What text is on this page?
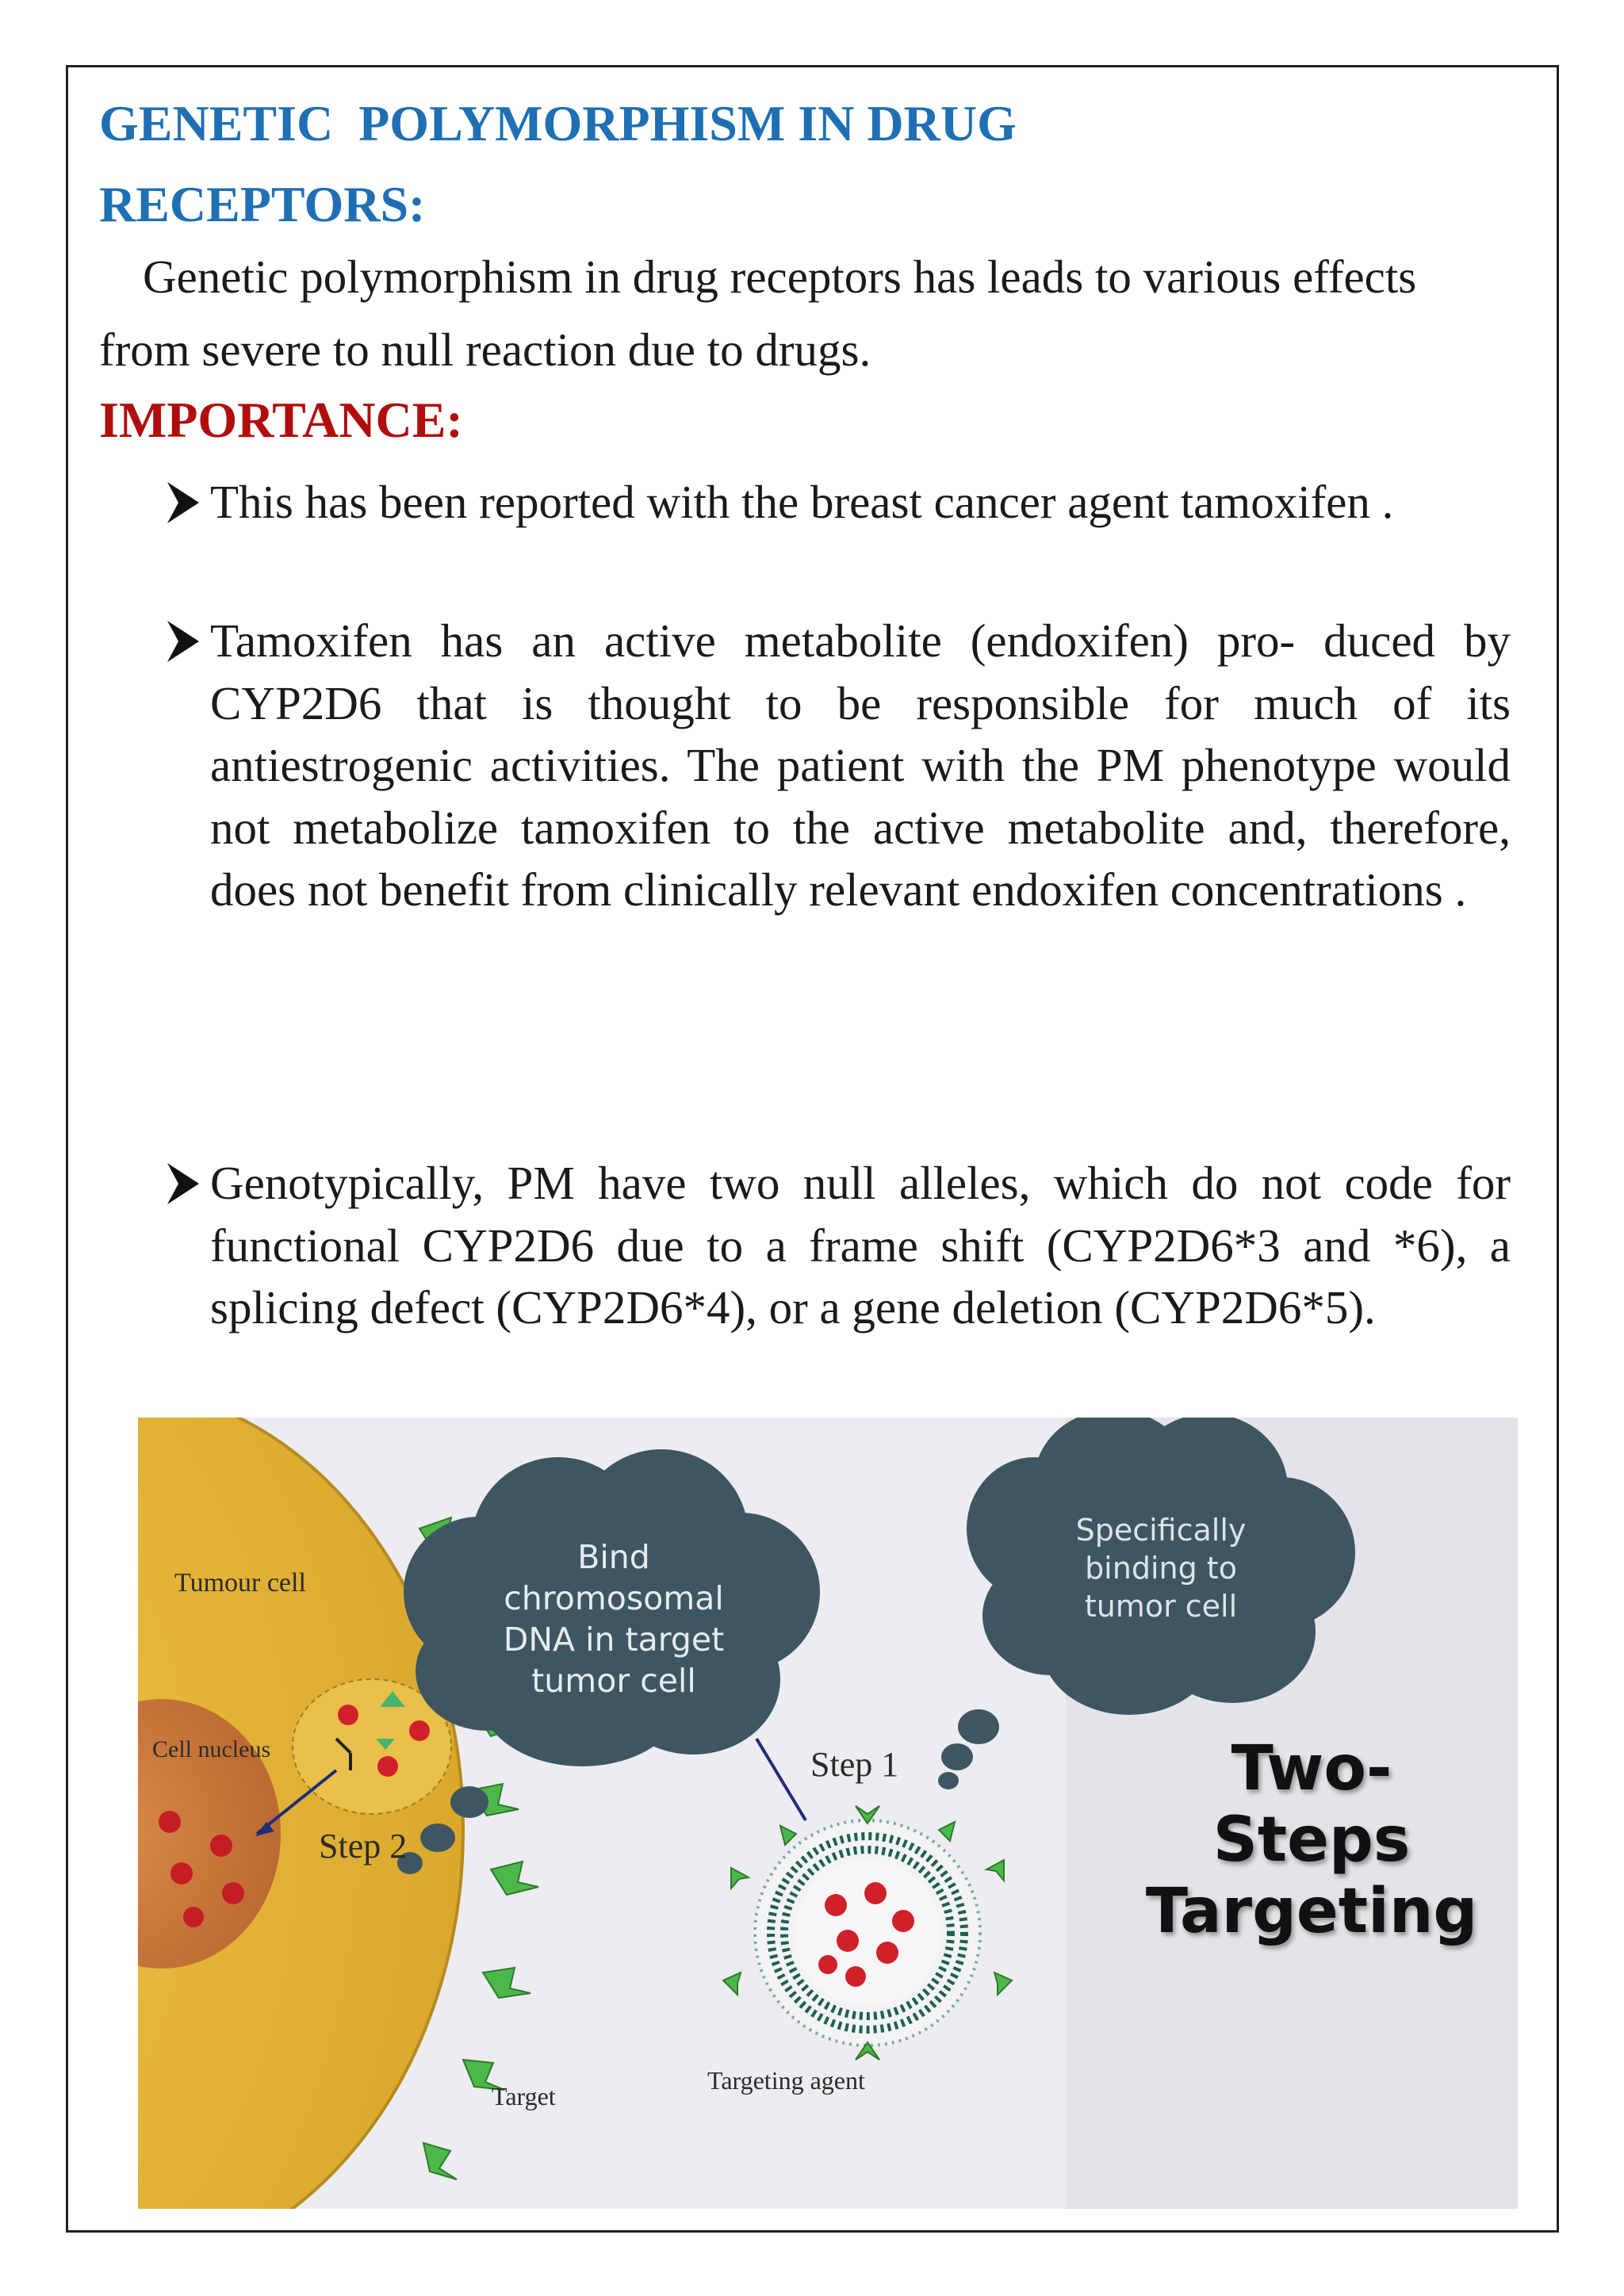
GENETIC  POLYMORPHISM IN DRUG
RECEPTORS:

Genetic polymorphism in drug receptors has leads to various effects from severe to null reaction due to drugs.

IMPORTANCE:
This has been reported with the breast cancer agent tamoxifen .
Tamoxifen has an active metabolite (endoxifen) pro- duced by CYP2D6 that is thought to be responsible for much of its antiestrogenic activities. The patient with the PM phenotype would not metabolize tamoxifen to the active metabolite and, therefore, does not benefit from clinically relevant endoxifen concentrations .
Genotypically, PM have two null alleles, which do not code for functional CYP2D6 due to a frame shift (CYP2D6*3 and *6), a splicing defect (CYP2D6*4), or a gene deletion (CYP2D6*5).
Tumour cell
Cell nucleus
Step 2
Step 1
Target
Targeting agent
Bind
chromosomal
DNA in target
tumor cell
Specifically
binding to
tumor cell
Two-
Steps
Targeting
